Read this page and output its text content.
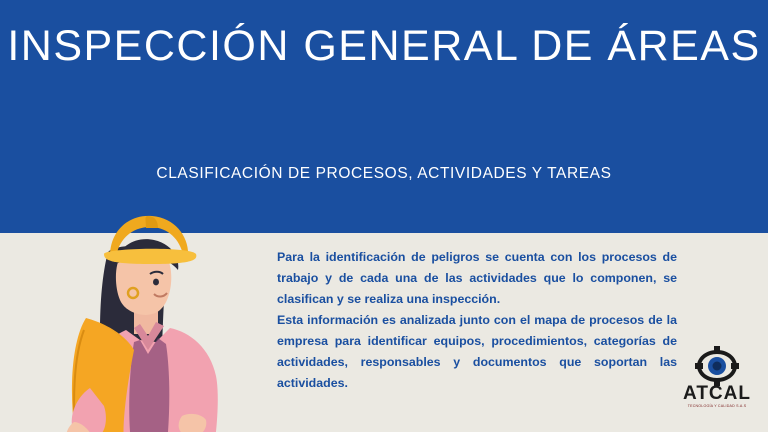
INSPECCIÓN GENERAL DE ÁREAS
CLASIFICACIÓN DE PROCESOS, ACTIVIDADES Y TAREAS

Para la identificación de peligros se cuenta con los procesos de trabajo y de cada una de las actividades que lo componen, se clasifican y se realiza una inspección.

Esta información es analizada junto con el mapa de procesos de la empresa para identificar equipos, procedimientos, categorías de actividades, responsables y documentos que soportan las actividades.	ATCAL
TECNOLOGÍA Y CALIDAD S.A.S
